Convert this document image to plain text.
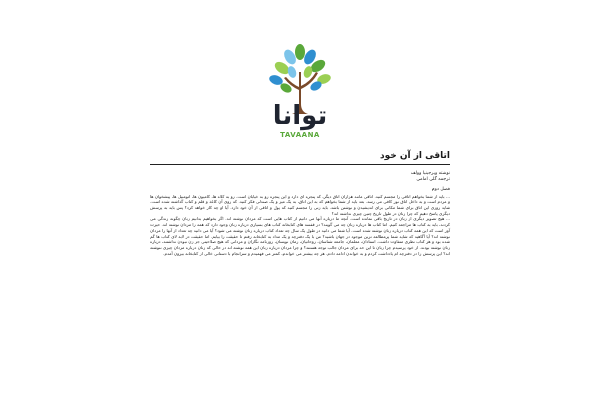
توانا
TAVAANA
اتاقی از آن خود
نوشته ویرجینیا وولف
ترجمه گلی امامی
فصل دوم

... باید از شما بخواهم اتاقی را مجسم کنید. اتاقی مانند هزاران اتاق دیگر، که پنجره ای دارد و این پنجره رو به خیابان است. رو به کلاه ها، کامیون ها، اتومبیل ها، پیشخوان ها و مردم است و به داخل اتاق نور کافی می رسد. بعد باید از شما بخواهم که به این اتاق، به یک میز و یک صندلی فکر کنید. که روی آن کاغذ و قلم و کتاب گذاشته شده است. شاید روزی این اتاق برای شما مکانی برای اندیشیدن و نوشتن باشد. باید زنی را مجسم کنید که پول و اتاقی از آن خود دارد. آیا او چه کار خواهد کرد؟ پس باید به پرسش دیگری پاسخ دهیم که چرا زنان در طول تاریخ چنین چیزی نداشته اند؟

... هیچ تصویر دیگری از زنان در تاریخ باقی نمانده است. آنچه ما درباره آنها می دانیم از کتاب هایی است که مردان نوشته اند. اگر بخواهیم بدانیم زنان چگونه زندگی می کردند، باید به کتاب ها مراجعه کنیم. اما کتاب ها درباره زنان چه می گویند؟ در قفسه های کتابخانه کتاب های بسیاری درباره زنان وجود دارد که همه را مردان نوشته اند. حیرت آور است که این همه کتاب درباره زنان نوشته شده است. آیا شما می دانید در طول یک سال چه تعداد کتاب درباره زنان نوشته می شود؟ آیا می دانید چه تعداد از آنها را مردان نوشته اند؟ آیا آگاهید که شاید شما پرمطالعه ترین موجود در جهان باشید؟ من با یک دفترچه و یک مداد به کتابخانه رفتم تا حقیقت را بیابم. اما حقیقت در لابه لای کتاب ها گم شده بود و هر کتاب نظری متفاوت داشت. استادان، معلمان، جامعه شناسان، روحانیان، رمان نویسان، روزنامه نگاران و مردانی که هیچ صلاحیتی جز زن نبودن نداشتند، درباره زنان نوشته بودند. از خود پرسیدم چرا زنان تا این حد برای مردان جالب توجه هستند؟ و چرا مردان درباره زنان این همه نوشته اند در حالی که زنان درباره مردان چیزی ننوشته اند؟ این پرسش را در دفترچه ام یادداشت کردم و به خواندن ادامه دادم. هر چه بیشتر می خواندم، کمتر می فهمیدم و سرانجام با دستانی خالی از کتابخانه بیرون آمدم.
